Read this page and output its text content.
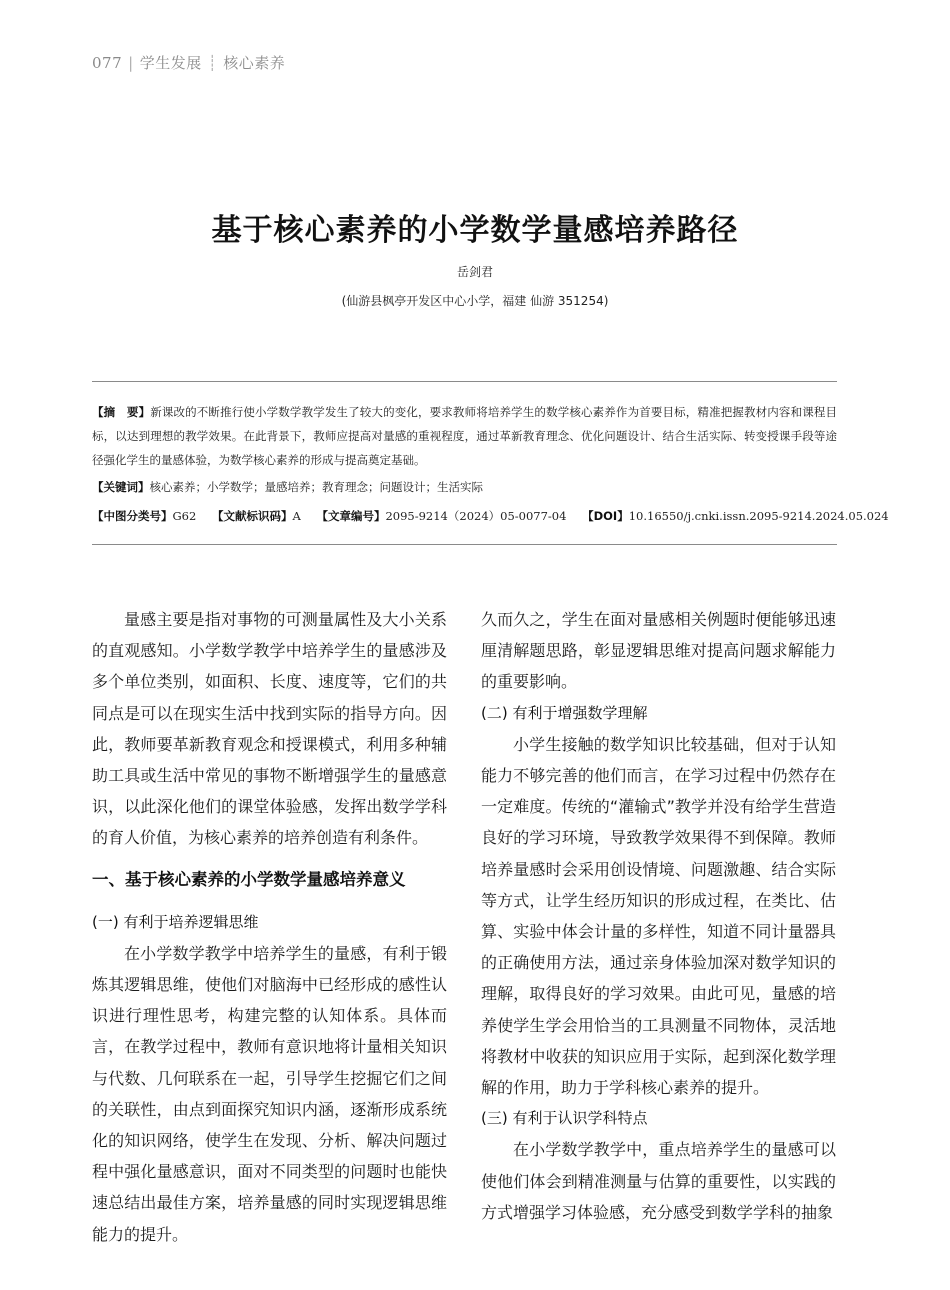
077 | 学生发展 ┊ 核心素养
基于核心素养的小学数学量感培养路径
岳剑君
(仙游县枫亭开发区中心小学，福建 仙游 351254)
【摘　要】新课改的不断推行使小学数学教学发生了较大的变化，要求教师将培养学生的数学核心素养作为首要目标，精准把握教材内容和课程目标，以达到理想的教学效果。在此背景下，教师应提高对量感的重视程度，通过革新教育理念、优化问题设计、结合生活实际、转变授课手段等途径强化学生的量感体验，为数学核心素养的形成与提高奠定基础。
【关键词】核心素养；小学数学；量感培养；教育理念；问题设计；生活实际
【中图分类号】G62 【文献标识码】A 【文章编号】2095-9214（2024）05-0077-04 【DOI】10.16550/j.cnki.issn.2095-9214.2024.05.024

量感主要是指对事物的可测量属性及大小关系的直观感知。小学数学教学中培养学生的量感涉及多个单位类别，如面积、长度、速度等，它们的共同点是可以在现实生活中找到实际的指导方向。因此，教师要革新教育观念和授课模式，利用多种辅助工具或生活中常见的事物不断增强学生的量感意识，以此深化他们的课堂体验感，发挥出数学学科的育人价值，为核心素养的培养创造有利条件。

一、基于核心素养的小学数学量感培养意义
(一) 有利于培养逻辑思维

在小学数学教学中培养学生的量感，有利于锻炼其逻辑思维，使他们对脑海中已经形成的感性认识进行理性思考，构建完整的认知体系。具体而言，在教学过程中，教师有意识地将计量相关知识与代数、几何联系在一起，引导学生挖掘它们之间的关联性，由点到面探究知识内涵，逐渐形成系统化的知识网络，使学生在发现、分析、解决问题过程中强化量感意识，面对不同类型的问题时也能快速总结出最佳方案，培养量感的同时实现逻辑思维能力的提升。

久而久之，学生在面对量感相关例题时便能够迅速厘清解题思路，彰显逻辑思维对提高问题求解能力的重要影响。

(二) 有利于增强数学理解

小学生接触的数学知识比较基础，但对于认知能力不够完善的他们而言，在学习过程中仍然存在一定难度。传统的“灌输式”教学并没有给学生营造良好的学习环境，导致教学效果得不到保障。教师培养量感时会采用创设情境、问题激趣、结合实际等方式，让学生经历知识的形成过程，在类比、估算、实验中体会计量的多样性，知道不同计量器具的正确使用方法，通过亲身体验加深对数学知识的理解，取得良好的学习效果。由此可见，量感的培养使学生学会用恰当的工具测量不同物体，灵活地将教材中收获的知识应用于实际，起到深化数学理解的作用，助力于学科核心素养的提升。

(三) 有利于认识学科特点

在小学数学教学中，重点培养学生的量感可以使他们体会到精准测量与估算的重要性，以实践的方式增强学习体验感，充分感受到数学学科的抽象
